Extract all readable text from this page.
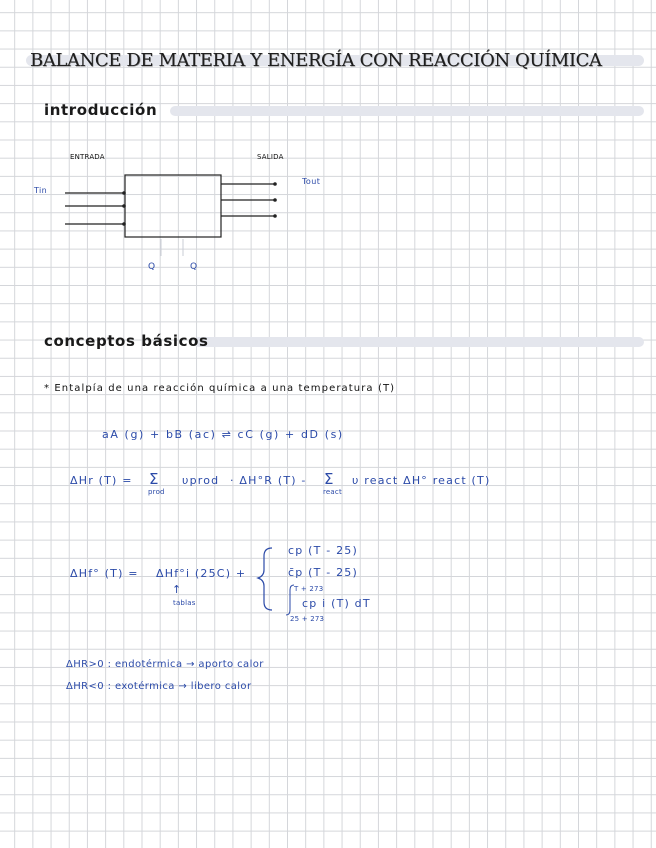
BALANCE DE MATERIA Y ENERGÍA CON REACCIÓN QUÍMICA
introducción
ENTRADA	SALIDA
Tin
Tout
Q	Q
conceptos básicos
* Entalpía de una reacción química a una temperatura (T)
aA (g) + bB (ac) ⇌ cC (g) + dD (s)
ΔHr (T) = Σ
prod
υprod · ΔH°R (T) - Σ
react
υ react ΔH° react (T)
ΔHf° (T) = ΔHf°i (25C) +
↑
tablas
cp (T - 25)
c̄p (T - 25)
T + 273
cp i (T) dT
25 + 273
ΔHR>0 : endotérmica → aporto calor
ΔHR<0 : exotérmica → libero calor
